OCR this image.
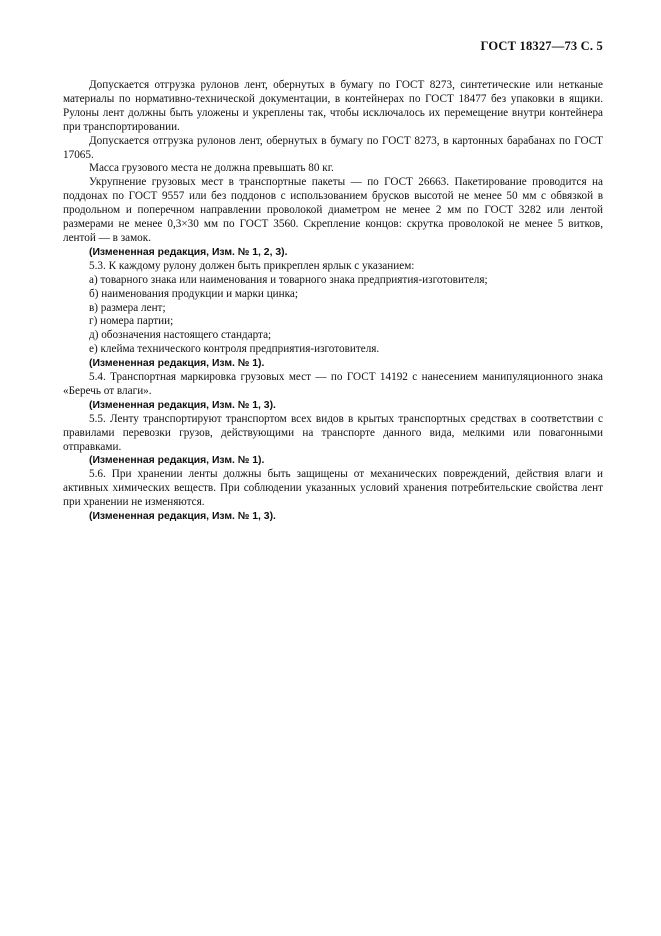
ГОСТ 18327—73 С. 5

Допускается отгрузка рулонов лент, обернутых в бумагу по ГОСТ 8273, синтетические или нетканые материалы по нормативно-технической документации, в контейнерах по ГОСТ 18477 без упаковки в ящики. Рулоны лент должны быть уложены и укреплены так, чтобы исключалось их перемещение внутри контейнера при транспортировании.

Допускается отгрузка рулонов лент, обернутых в бумагу по ГОСТ 8273, в картонных барабанах по ГОСТ 17065.

Масса грузового места не должна превышать 80 кг.

Укрупнение грузовых мест в транспортные пакеты — по ГОСТ 26663. Пакетирование проводится на поддонах по ГОСТ 9557 или без поддонов с использованием брусков высотой не менее 50 мм с обвязкой в продольном и поперечном направлении проволокой диаметром не менее 2 мм по ГОСТ 3282 или лентой размерами не менее 0,3×30 мм по ГОСТ 3560. Скрепление концов: скрутка проволокой не менее 5 витков, лентой — в замок.

(Измененная редакция, Изм. № 1, 2, 3).

5.3. К каждому рулону должен быть прикреплен ярлык с указанием:

а) товарного знака или наименования и товарного знака предприятия-изготовителя;

б) наименования продукции и марки цинка;

в) размера лент;

г) номера партии;

д) обозначения настоящего стандарта;

е) клейма технического контроля предприятия-изготовителя.

(Измененная редакция, Изм. № 1).

5.4. Транспортная маркировка грузовых мест — по ГОСТ 14192 с нанесением манипуляционного знака «Беречь от влаги».

(Измененная редакция, Изм. № 1, 3).

5.5. Ленту транспортируют транспортом всех видов в крытых транспортных средствах в соответствии с правилами перевозки грузов, действующими на транспорте данного вида, мелкими или повагонными отправками.

(Измененная редакция, Изм. № 1).

5.6. При хранении ленты должны быть защищены от механических повреждений, действия влаги и активных химических веществ. При соблюдении указанных условий хранения потребительские свойства лент при хранении не изменяются.

(Измененная редакция, Изм. № 1, 3).
